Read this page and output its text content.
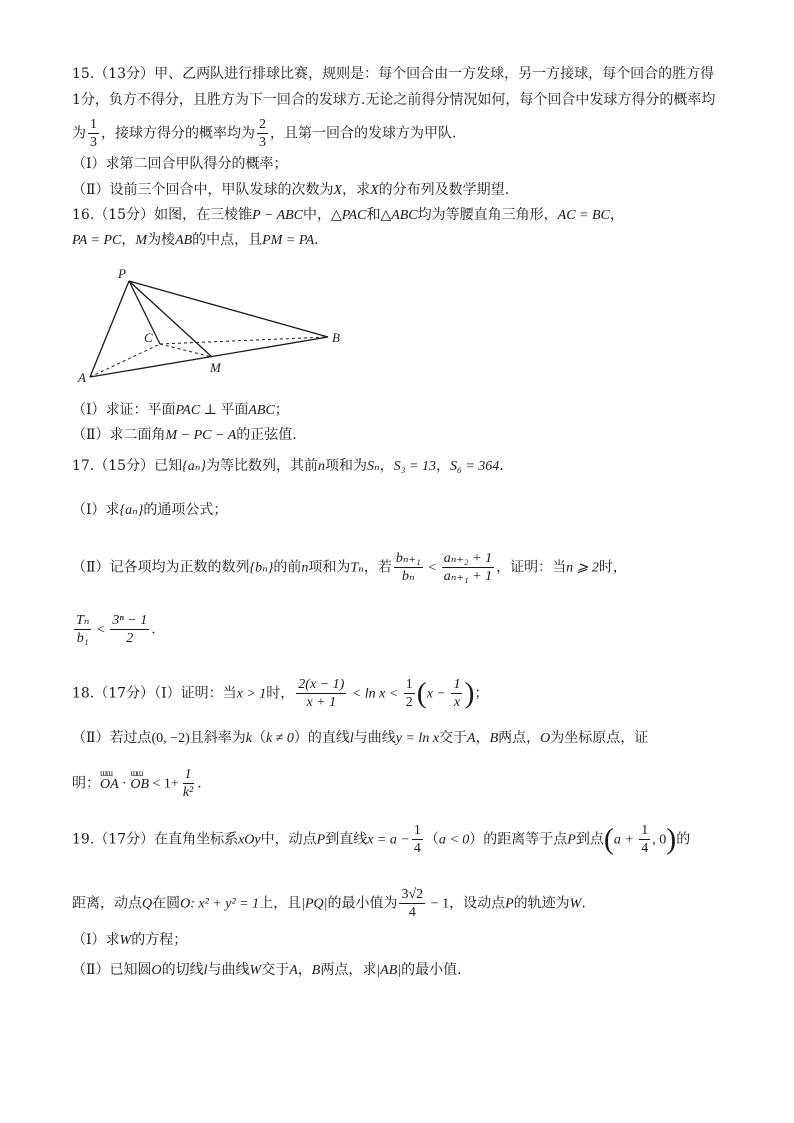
15.（13分）甲、乙两队进行排球比赛，规则是：每个回合由一方发球，另一方接球，每个回合的胜方得
1分，负方不得分，且胜方为下一回合的发球方.无论之前得分情况如何，每个回合中发球方得分的概率均
为 $\frac{1}{3}$ ，接球方得分的概率均为 $\frac{2}{3}$ ，且第一回合的发球方为甲队.
（Ⅰ）求第二回合甲队得分的概率；
（Ⅱ）设前三个回合中，甲队发球的次数为X，求X的分布列及数学期望.
16.（15分）如图，在三棱锥P − ABC中，△PAC和△ABC均为等腰直角三角形，AC = BC，
PA = PC，M为棱AB的中点，且PM = PA.
P
C	B
A
M
（Ⅰ）求证：平面PAC ⊥ 平面ABC；
（Ⅱ）求二面角M − PC − A的正弦值.
17.（15分）已知{aₙ}为等比数列，其前n项和为Sₙ，S₃ = 13，S₆ = 364.
（Ⅰ）求{aₙ}的通项公式；
（Ⅱ）记各项均为正数的数列{bₙ}的前n项和为Tₙ，若 $\frac{\text{bₙ₊₁}}{\text{bₙ}} < \frac{\text{aₙ₊₂ + 1}}{\text{aₙ₊₁ + 1}}$ ，证明：当n ⩾ 2时，
$\frac{\text{Tₙ}}{\text{b₁}} < \frac{\text{3ⁿ − 1}}{2}$ .
18.（17分）（Ⅰ）证明：当x > 1时， $\frac{2(x - 1)}{x + 1} < \ln x < \frac{1}{2} (x - \frac{1}{x}$ )；
（Ⅱ）若过点(0, −2)且斜率为k（k ≠ 0）的直线l与曲线y = ln x交于A，B两点，O为坐标原点，证
明：
ɯɯ
OA ·
ɯɯ
OB < $1+ \frac{1}{\text{k²}}$ .
19.（17分）在直角坐标系xOy中，动点P到直线$x = a - \frac{1}{4} (a < 0)$的距离等于点P到点($a + \frac{1}{4}$ , 0)的
距离，动点Q在圆O: x² + y² = 1上，且|PQ|的最小值为 $\frac{3√2}{4} - 1$，设动点P的轨迹为W.
（Ⅰ）求W的方程；
（Ⅱ）已知圆O的切线l与曲线W交于A，B两点，求|AB|的最小值.
